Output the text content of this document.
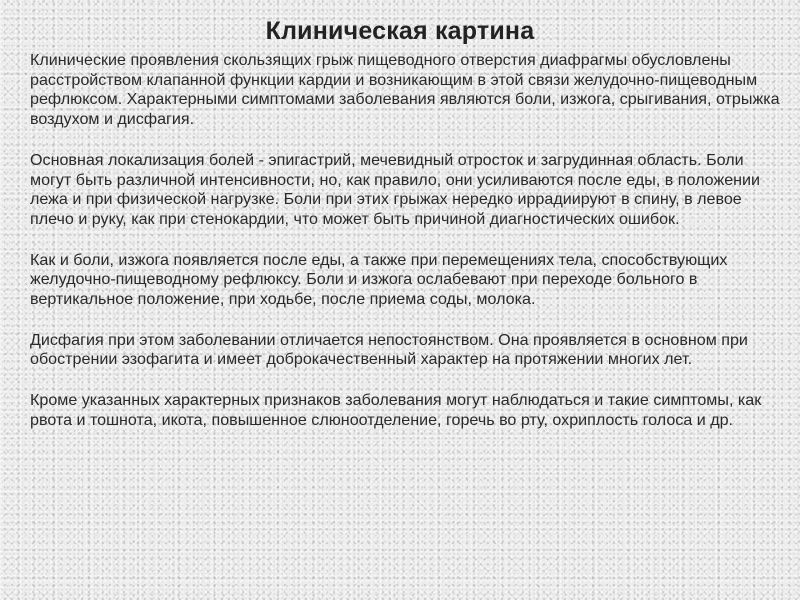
Клиническая картина

Клинические проявления скользящих грыж пищеводного отверстия диафрагмы обусловлены расстройством клапанной функции кардии и возникающим в этой связи желудочно-пищеводным рефлюксом. Характерными симптомами заболевания являются боли, изжога, срыгивания, отрыжка воздухом и дисфагия.

Основная локализация болей - эпигастрий, мечевидный отросток и загрудинная область. Боли могут быть различной интенсивности, но, как правило, они усиливаются после еды, в положении лежа и при физической нагрузке. Боли при этих грыжах нередко иррадиируют в спину, в левое плечо и руку, как при стенокардии, что может быть причиной диагностических ошибок.

Как и боли, изжога появляется после еды, а также при перемещениях тела, способствующих желудочно-пищеводному рефлюксу. Боли и изжога ослабевают при переходе больного в вертикальное положение, при ходьбе, после приема соды, молока.

Дисфагия при этом заболевании отличается непостоянством. Она проявляется в основном при обострении эзофагита и имеет доброкачественный характер на протяжении многих лет.

Кроме указанных характерных признаков заболевания могут наблюдаться и такие симптомы, как рвота и тошнота, икота, повышенное слюноотделение, горечь во рту, охриплость голоса и др.
